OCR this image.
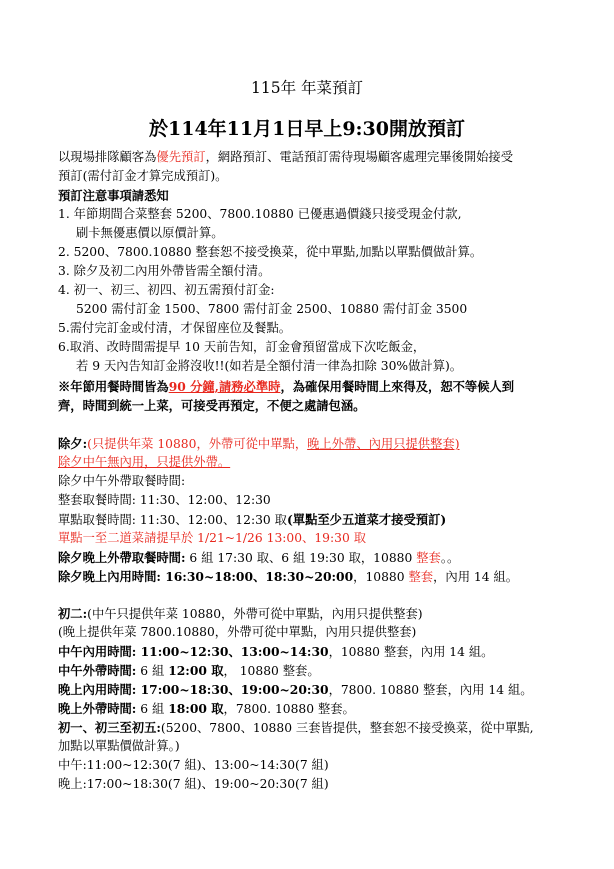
115年 年菜預訂
於114年11月1日早上9:30開放預訂
以現場排隊顧客為優先預訂，網路預訂、電話預訂需待現場顧客處理完畢後開始接受
預訂(需付訂金才算完成預訂)。
預訂注意事項請悉知
1. 年節期間合菜整套 5200、7800.10880 已優惠過價錢只接受現金付款,
刷卡無優惠價以原價計算。
2. 5200、7800.10880 整套恕不接受換菜，從中單點,加點以單點價做計算。
3. 除夕及初二內用外帶皆需全額付清。
4. 初一、初三、初四、初五需預付訂金:
5200 需付訂金 1500、7800 需付訂金 2500、10880 需付訂金 3500
5.需付完訂金或付清，才保留座位及餐點。
6.取消、改時間需提早 10 天前告知，訂金會預留當成下次吃飯金，
若 9 天內告知訂金將沒收!!(如若是全額付清一律為扣除 30%做計算)。
※年節用餐時間皆為90 分鐘,請務必準時，為確保用餐時間上來得及，恕不等候人到
齊，時間到統一上菜，可接受再預定，不便之處請包涵。
除夕:(只提供年菜 10880，外帶可從中單點，晚上外帶、內用只提供整套)
除夕中午無內用，只提供外帶。
除夕中午外帶取餐時間:
整套取餐時間: 11:30、12:00、12:30
單點取餐時間: 11:30、12:00、12:30 取(單點至少五道菜才接受預訂)
單點一至二道菜請提早於 1/21~1/26 13:00、19:30 取
除夕晚上外帶取餐時間: 6 組 17:30 取、6 組 19:30 取，10880 整套。。
除夕晚上內用時間: 16:30~18:00、18:30~20:00，10880 整套，內用 14 組。
初二:(中午只提供年菜 10880，外帶可從中單點，內用只提供整套)
(晚上提供年菜 7800.10880，外帶可從中單點，內用只提供整套)
中午內用時間: 11:00~12:30、13:00~14:30，10880 整套，內用 14 組。
中午外帶時間: 6 組 12:00 取， 10880 整套。
晚上內用時間: 17:00~18:30、19:00~20:30，7800. 10880 整套，內用 14 組。
晚上外帶時間: 6 組 18:00 取，7800. 10880 整套。
初一、初三至初五:(5200、7800、10880 三套皆提供，整套恕不接受換菜，從中單點,
加點以單點價做計算。)
中午:11:00~12:30(7 組)、13:00~14:30(7 組)
晚上:17:00~18:30(7 組)、19:00~20:30(7 組)
